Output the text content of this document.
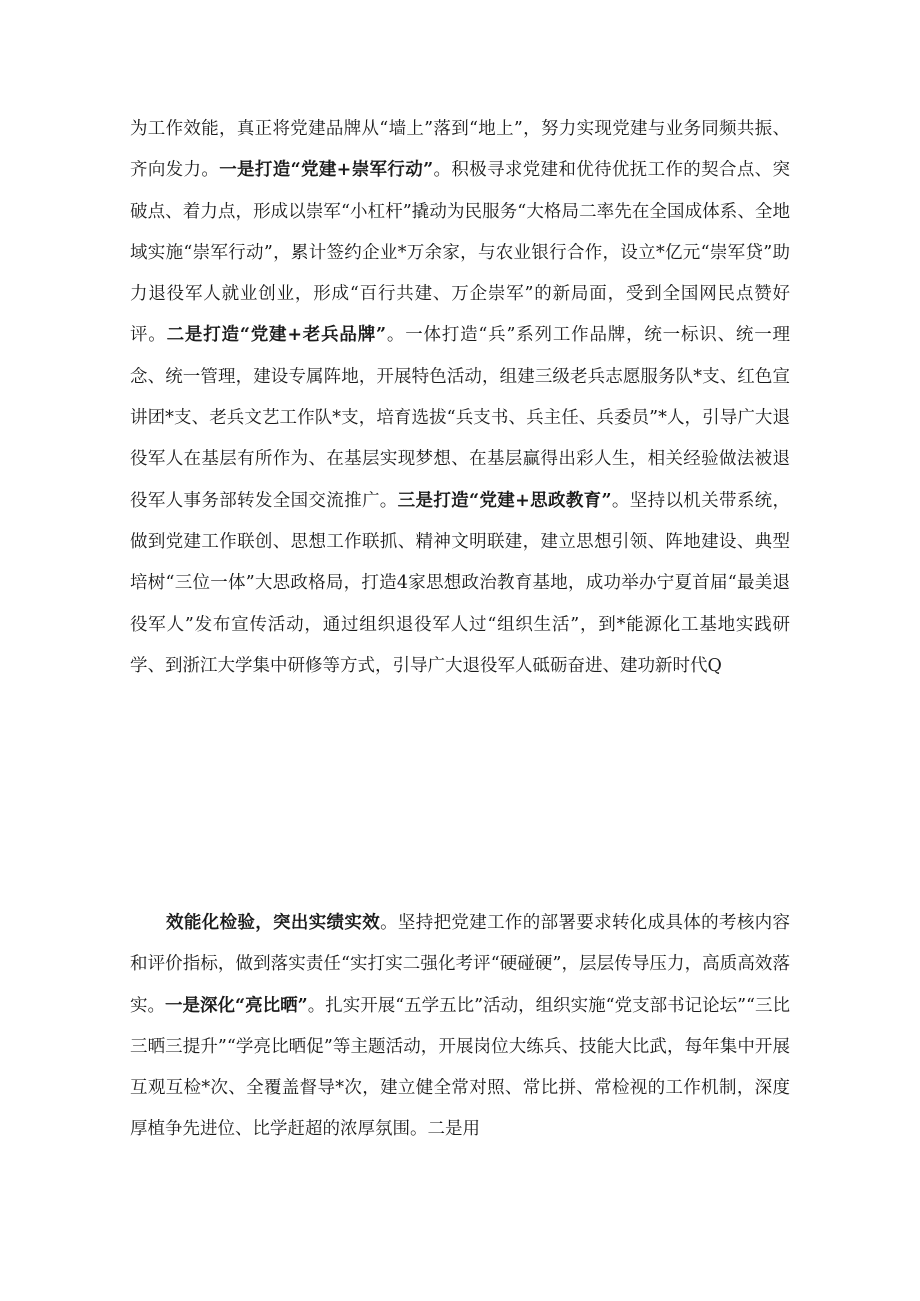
为工作效能，真正将党建品牌从“墙上”落到“地上”，努力实现党建与业务同频共振、齐向发力。一是打造“党建+崇军行动”。积极寻求党建和优待优抚工作的契合点、突破点、着力点，形成以崇军“小杠杆”撬动为民服务“大格局二率先在全国成体系、全地域实施“崇军行动”，累计签约企业*万余家，与农业银行合作，设立*亿元“崇军贷”助力退役军人就业创业，形成“百行共建、万企崇军”的新局面，受到全国网民点赞好评。二是打造“党建+老兵品牌”。一体打造“兵”系列工作品牌，统一标识、统一理念、统一管理，建设专属阵地，开展特色活动，组建三级老兵志愿服务队*支、红色宣讲团*支、老兵文艺工作队*支，培育选拔“兵支书、兵主任、兵委员”*人，引导广大退役军人在基层有所作为、在基层实现梦想、在基层赢得出彩人生，相关经验做法被退役军人事务部转发全国交流推广。三是打造“党建+思政教育”。坚持以机关带系统，做到党建工作联创、思想工作联抓、精神文明联建，建立思想引领、阵地建设、典型培树“三位一体”大思政格局，打造4家思想政治教育基地，成功举办宁夏首届“最美退役军人”发布宣传活动，通过组织退役军人过“组织生活”，到*能源化工基地实践研学、到浙江大学集中研修等方式，引导广大退役军人砥砺奋进、建功新时代Q

效能化检验，突出实绩实效。坚持把党建工作的部署要求转化成具体的考核内容和评价指标，做到落实责任“实打实二强化考评“硬碰硬”，层层传导压力，高质高效落实。一是深化“亮比晒”。扎实开展“五学五比”活动，组织实施“党支部书记论坛”“三比三晒三提升”“学亮比晒促”等主题活动，开展岗位大练兵、技能大比武，每年集中开展互观互检*次、全覆盖督导*次，建立健全常对照、常比拼、常检视的工作机制，深度厚植争先进位、比学赶超的浓厚氛围。二是用
